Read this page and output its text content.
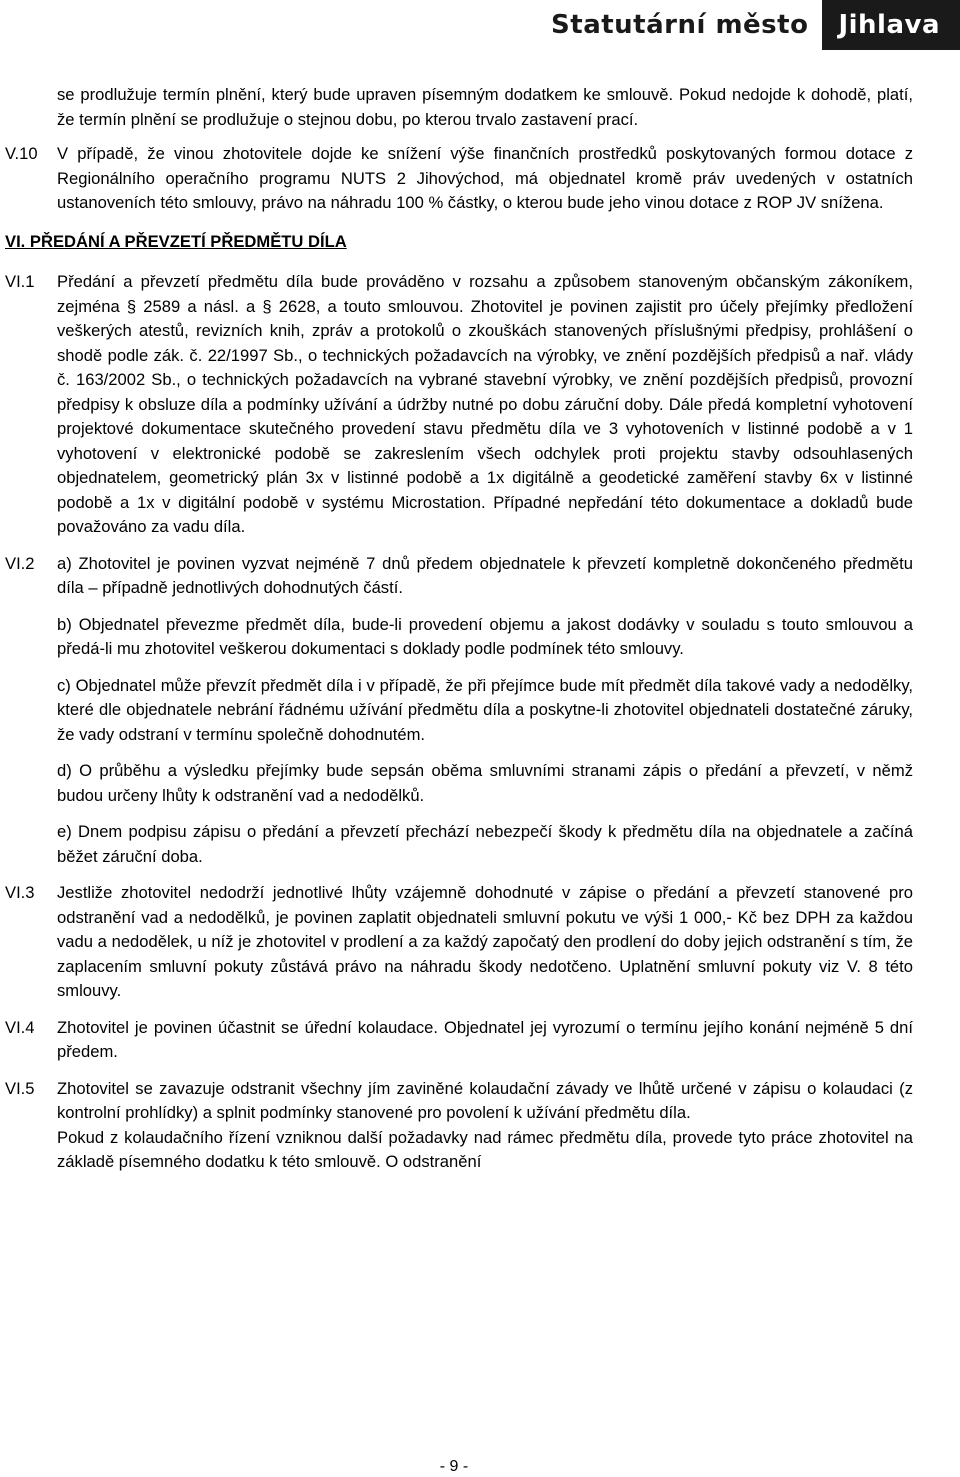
Statutární město	Jihlava
se prodlužuje termín plnění, který bude upraven písemným dodatkem ke smlouvě. Pokud nedojde k dohodě, platí, že termín plnění se prodlužuje o stejnou dobu, po kterou trvalo zastavení prací.
V.10	V případě, že vinou zhotovitele dojde ke snížení výše finančních prostředků poskytovaných formou dotace z Regionálního operačního programu NUTS 2 Jihovýchod, má objednatel kromě práv uvedených v ostatních ustanoveních této smlouvy, právo na náhradu 100 % částky, o kterou bude jeho vinou dotace z ROP JV snížena.
VI. PŘEDÁNÍ A PŘEVZETÍ PŘEDMĚTU DÍLA
VI.1	Předání a převzetí předmětu díla bude prováděno v rozsahu a způsobem stanoveným občanským zákoníkem, zejména § 2589 a násl. a § 2628, a touto smlouvou. Zhotovitel je povinen zajistit pro účely přejímky předložení veškerých atestů, revizních knih, zpráv a protokolů o zkouškách stanovených příslušnými předpisy, prohlášení o shodě podle zák. č. 22/1997 Sb., o technických požadavcích na výrobky, ve znění pozdějších předpisů a nař. vlády č. 163/2002 Sb., o technických požadavcích na vybrané stavební výrobky, ve znění pozdějších předpisů, provozní předpisy k obsluze díla a podmínky užívání a údržby nutné po dobu záruční doby. Dále předá kompletní vyhotovení projektové dokumentace skutečného provedení stavu předmětu díla ve 3 vyhotoveních v listinné podobě a v 1 vyhotovení v elektronické podobě se zakreslením všech odchylek proti projektu stavby odsouhlasených objednatelem, geometrický plán 3x v listinné podobě a 1x digitálně a geodetické zaměření stavby 6x v listinné podobě a 1x v digitální podobě v systému Microstation. Případné nepředání této dokumentace a dokladů bude považováno za vadu díla.
VI.2	a) Zhotovitel je povinen vyzvat nejméně 7 dnů předem objednatele k převzetí kompletně dokončeného předmětu díla – případně jednotlivých dohodnutých částí.
b) Objednatel převezme předmět díla, bude-li provedení objemu a jakost dodávky v souladu s touto smlouvou a předá-li mu zhotovitel veškerou dokumentaci s doklady podle podmínek této smlouvy.
c) Objednatel může převzít předmět díla i v případě, že při přejímce bude mít předmět díla takové vady a nedodělky, které dle objednatele nebrání řádnému užívání předmětu díla a poskytne-li zhotovitel objednateli dostatečné záruky, že vady odstraní v termínu společně dohodnutém.
d) O průběhu a výsledku přejímky bude sepsán oběma smluvními stranami zápis o předání a převzetí, v němž budou určeny lhůty k odstranění vad a nedodělků.
e) Dnem podpisu zápisu o předání a převzetí přechází nebezpečí škody k předmětu díla na objednatele a začíná běžet záruční doba.
VI.3	Jestliže zhotovitel nedodrží jednotlivé lhůty vzájemně dohodnuté v zápise o předání a převzetí stanovené pro odstranění vad a nedodělků, je povinen zaplatit objednateli smluvní pokutu ve výši 1 000,- Kč bez DPH za každou vadu a nedodělek, u níž je zhotovitel v prodlení a za každý započatý den prodlení do doby jejich odstranění s tím, že zaplacením smluvní pokuty zůstává právo na náhradu škody nedotčeno. Uplatnění smluvní pokuty viz V. 8 této smlouvy.
VI.4	Zhotovitel je povinen účastnit se úřední kolaudace. Objednatel jej vyrozumí o termínu jejího konání nejméně 5 dní předem.
VI.5	Zhotovitel se zavazuje odstranit všechny jím zaviněné kolaudační závady ve lhůtě určené v zápisu o kolaudaci (z kontrolní prohlídky) a splnit podmínky stanovené pro povolení k užívání předmětu díla.
Pokud z kolaudačního řízení vzniknou další požadavky nad rámec předmětu díla, provede tyto práce zhotovitel na základě písemného dodatku k této smlouvě. O odstranění
- 9 -
